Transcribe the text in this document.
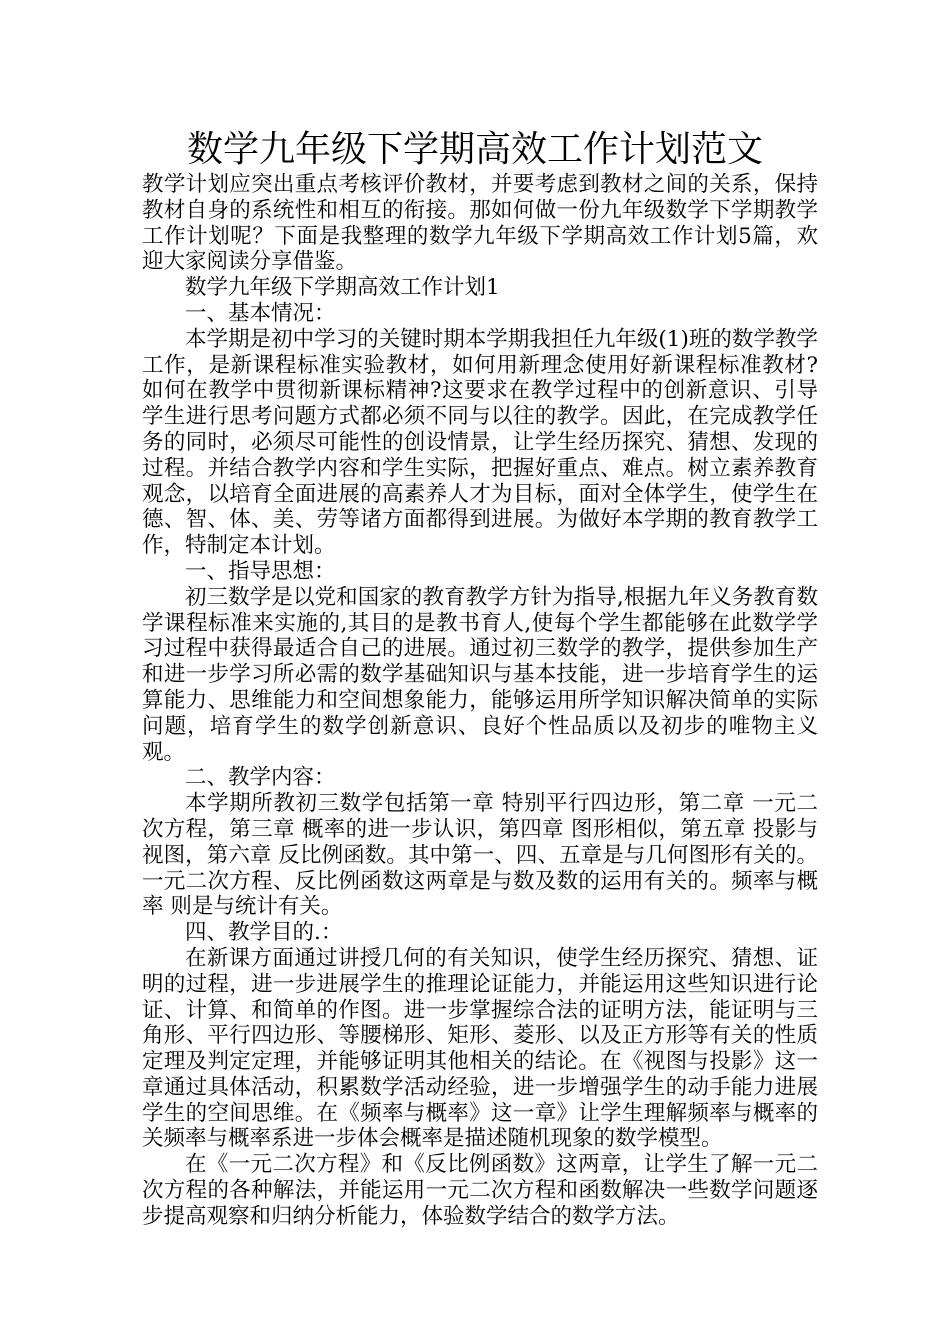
数学九年级下学期高效工作计划范文

教学计划应突出重点考核评价教材，并要考虑到教材之间的关系，保持教材自身的系统性和相互的衔接。那如何做一份九年级数学下学期教学工作计划呢？下面是我整理的数学九年级下学期高效工作计划5篇，欢迎大家阅读分享借鉴。

数学九年级下学期高效工作计划1

一、基本情况：

本学期是初中学习的关键时期本学期我担任九年级(1)班的数学教学工作，是新课程标准实验教材，如何用新理念使用好新课程标准教材?如何在教学中贯彻新课标精神?这要求在教学过程中的创新意识、引导学生进行思考问题方式都必须不同与以往的教学。因此，在完成教学任务的同时，必须尽可能性的创设情景，让学生经历探究、猜想、发现的过程。并结合教学内容和学生实际，把握好重点、难点。树立素养教育观念，以培育全面进展的高素养人才为目标，面对全体学生，使学生在德、智、体、美、劳等诸方面都得到进展。为做好本学期的教育教学工作，特制定本计划。

一、指导思想：

初三数学是以党和国家的教育教学方针为指导,根据九年义务教育数学课程标准来实施的,其目的是教书育人,使每个学生都能够在此数学学习过程中获得最适合自己的进展。通过初三数学的教学，提供参加生产和进一步学习所必需的数学基础知识与基本技能，进一步培育学生的运算能力、思维能力和空间想象能力，能够运用所学知识解决简单的实际问题，培育学生的数学创新意识、良好个性品质以及初步的唯物主义观。

二、教学内容：

本学期所教初三数学包括第一章 特别平行四边形，第二章 一元二次方程，第三章 概率的进一步认识，第四章 图形相似，第五章 投影与视图，第六章 反比例函数。其中第一、四、五章是与几何图形有关的。一元二次方程、反比例函数这两章是与数及数的运用有关的。频率与概率 则是与统计有关。

四、教学目的.：

在新课方面通过讲授几何的有关知识，使学生经历探究、猜想、证明的过程，进一步进展学生的推理论证能力，并能运用这些知识进行论证、计算、和简单的作图。进一步掌握综合法的证明方法，能证明与三角形、平行四边形、等腰梯形、矩形、菱形、以及正方形等有关的性质定理及判定定理，并能够证明其他相关的结论。在《视图与投影》这一章通过具体活动，积累数学活动经验，进一步增强学生的动手能力进展学生的空间思维。在《频率与概率》这一章》让学生理解频率与概率的关频率与概率系进一步体会概率是描述随机现象的数学模型。

在《一元二次方程》和《反比例函数》这两章，让学生了解一元二次方程的各种解法，并能运用一元二次方程和函数解决一些数学问题逐步提高观察和归纳分析能力，体验数学结合的数学方法。
